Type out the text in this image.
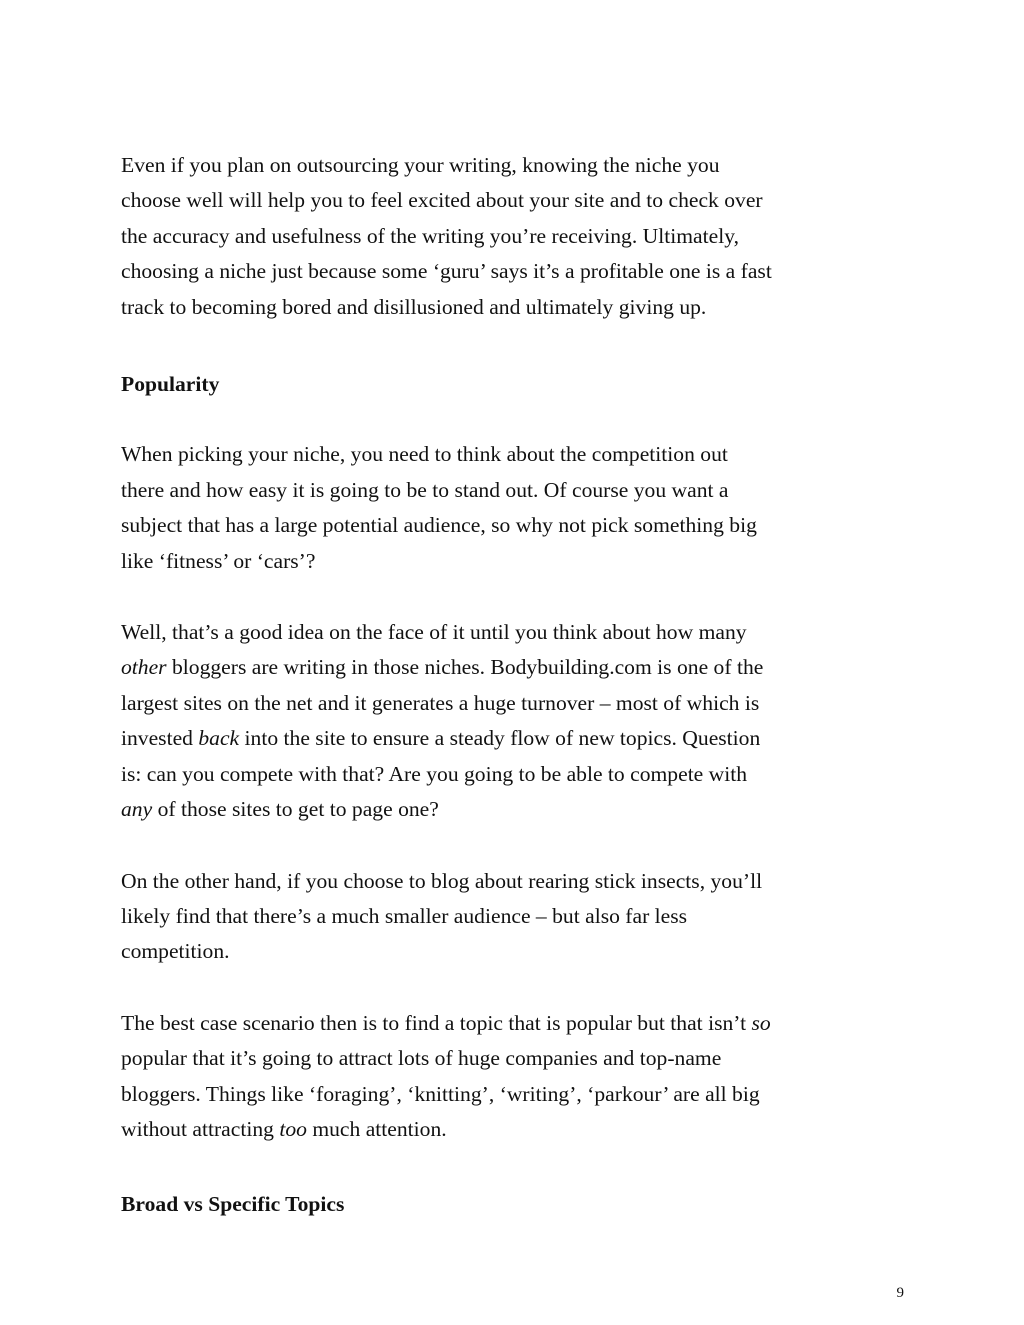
Even if you plan on outsourcing your writing, knowing the niche you
choose well will help you to feel excited about your site and to check over
the accuracy and usefulness of the writing you’re receiving. Ultimately,
choosing a niche just because some ‘guru’ says it’s a profitable one is a fast
track to becoming bored and disillusioned and ultimately giving up.

Popularity

When picking your niche, you need to think about the competition out
there and how easy it is going to be to stand out. Of course you want a
subject that has a large potential audience, so why not pick something big
like ‘fitness’ or ‘cars’?

Well, that’s a good idea on the face of it until you think about how many
other bloggers are writing in those niches. Bodybuilding.com is one of the
largest sites on the net and it generates a huge turnover – most of which is
invested back into the site to ensure a steady flow of new topics. Question
is: can you compete with that? Are you going to be able to compete with
any of those sites to get to page one?

On the other hand, if you choose to blog about rearing stick insects, you’ll
likely find that there’s a much smaller audience – but also far less
competition.

The best case scenario then is to find a topic that is popular but that isn’t so
popular that it’s going to attract lots of huge companies and top-name
bloggers. Things like ‘foraging’, ‘knitting’, ‘writing’, ‘parkour’ are all big
without attracting too much attention.

Broad vs Specific Topics
9
